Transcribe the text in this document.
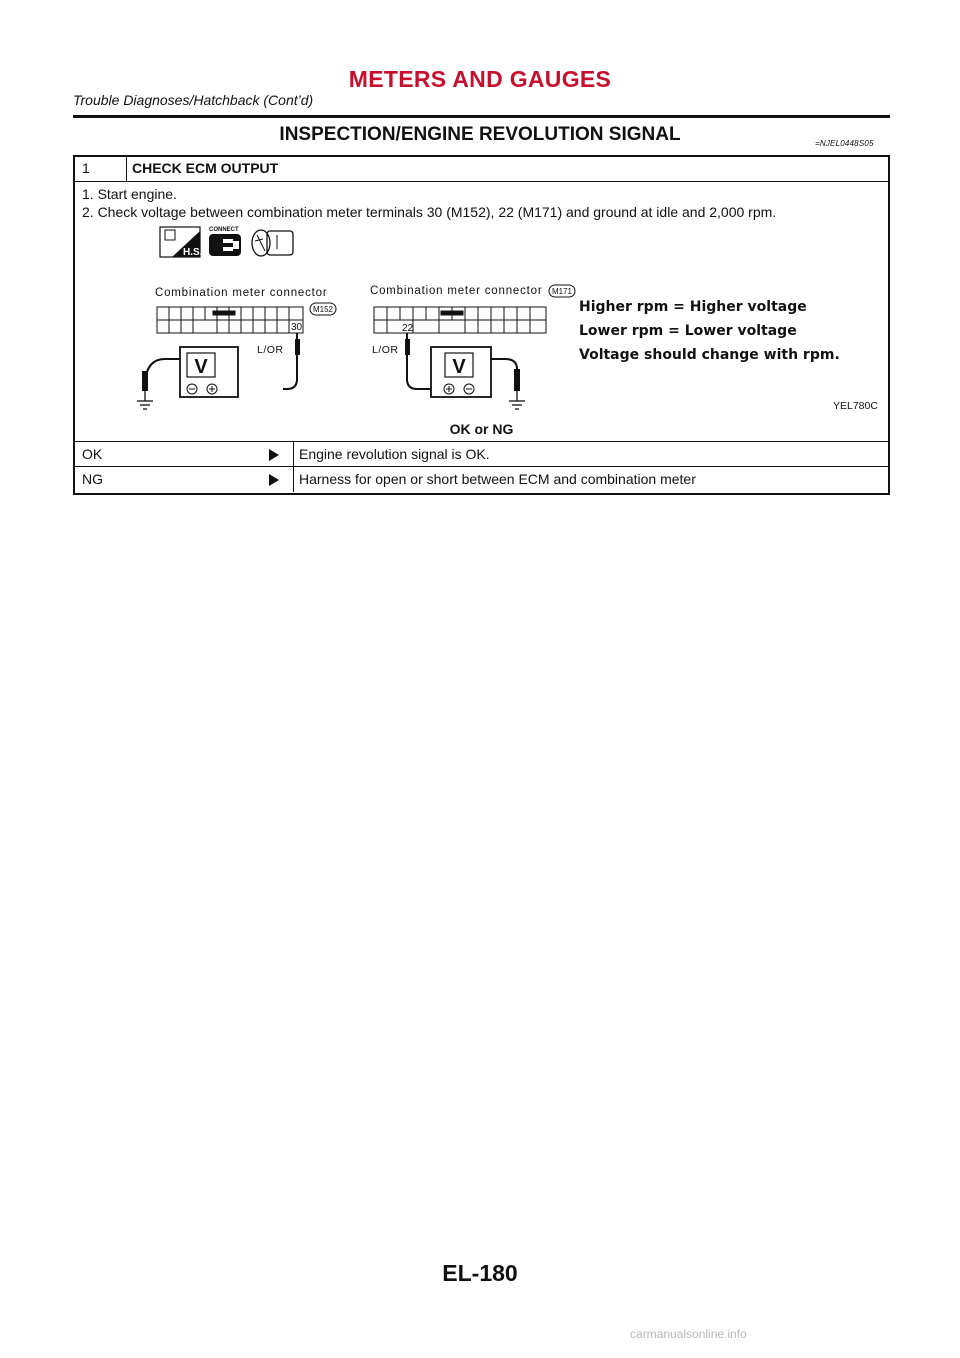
METERS AND GAUGES
Trouble Diagnoses/Hatchback (Cont’d)
INSPECTION/ENGINE REVOLUTION SIGNAL	=NJEL0448S05
1	CHECK ECM OUTPUT
1. Start engine.
2. Check voltage between combination meter terminals 30 (M152), 22 (M171) and ground at idle and 2,000 rpm.
H.S.
CONNECT
Combination meter connector
M152
30
L/OR
V
Combination meter connector M171
22
L/OR
V
Higher rpm = Higher voltage
Lower rpm = Lower voltage
Voltage should change with rpm.
YEL780C
OK or NG
OK	Engine revolution signal is OK.
NG	Harness for open or short between ECM and combination meter
EL-180
carmanualsonline.info
